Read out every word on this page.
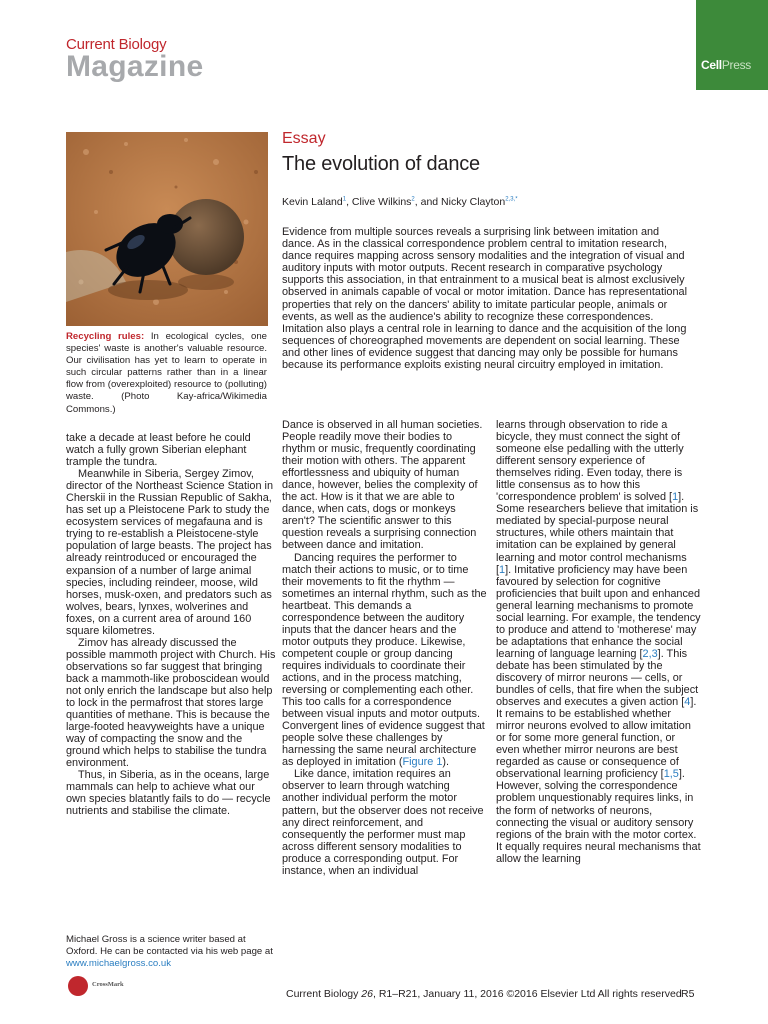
Current Biology
Magazine	CellPress
Recycling rules: In ecological cycles, one species' waste is another's valuable resource. Our civilisation has yet to learn to operate in such circular patterns rather than in a linear flow from (overexploited) resource to (polluting) waste. (Photo Kay-africa/Wikimedia Commons.)
Essay
The evolution of dance
Kevin Laland$^1$, Clive Wilkins$^2$, and Nicky Clayton$^{2,3,*}$
Evidence from multiple sources reveals a surprising link between imitation and dance. As in the classical correspondence problem central to imitation research, dance requires mapping across sensory modalities and the integration of visual and auditory inputs with motor outputs. Recent research in comparative psychology supports this association, in that entrainment to a musical beat is almost exclusively observed in animals capable of vocal or motor imitation. Dance has representational properties that rely on the dancers' ability to imitate particular people, animals or events, as well as the audience's ability to recognize these correspondences. Imitation also plays a central role in learning to dance and the acquisition of the long sequences of choreographed movements are dependent on social learning. These and other lines of evidence suggest that dancing may only be possible for humans because its performance exploits existing neural circuitry employed in imitation.

take a decade at least before he could watch a fully grown Siberian elephant trample the tundra.

Meanwhile in Siberia, Sergey Zimov, director of the Northeast Science Station in Cherskii in the Russian Republic of Sakha, has set up a Pleistocene Park to study the ecosystem services of megafauna and is trying to re-establish a Pleistocene-style population of large beasts. The project has already reintroduced or encouraged the expansion of a number of large animal species, including reindeer, moose, wild horses, musk-oxen, and predators such as wolves, bears, lynxes, wolverines and foxes, on a current area of around 160 square kilometres.

Zimov has already discussed the possible mammoth project with Church. His observations so far suggest that bringing back a mammoth-like proboscidean would not only enrich the landscape but also help to lock in the permafrost that stores large quantities of methane. This is because the large-footed heavyweights have a unique way of compacting the snow and the ground which helps to stabilise the tundra environment.

Thus, in Siberia, as in the oceans, large mammals can help to achieve what our own species blatantly fails to do — recycle nutrients and stabilise the climate.

Michael Gross is a science writer based at Oxford. He can be contacted via his web page at www.michaelgross.co.uk

Dance is observed in all human societies. People readily move their bodies to rhythm or music, frequently coordinating their motion with others. The apparent effortlessness and ubiquity of human dance, however, belies the complexity of the act. How is it that we are able to dance, when cats, dogs or monkeys aren't? The scientific answer to this question reveals a surprising connection between dance and imitation.

Dancing requires the performer to match their actions to music, or to time their movements to fit the rhythm — sometimes an internal rhythm, such as the heartbeat. This demands a correspondence between the auditory inputs that the dancer hears and the motor outputs they produce. Likewise, competent couple or group dancing requires individuals to coordinate their actions, and in the process matching, reversing or complementing each other. This too calls for a correspondence between visual inputs and motor outputs. Convergent lines of evidence suggest that people solve these challenges by harnessing the same neural architecture as deployed in imitation (Figure 1).

Like dance, imitation requires an observer to learn through watching another individual perform the motor pattern, but the observer does not receive any direct reinforcement, and consequently the performer must map across different sensory modalities to produce a corresponding output. For instance, when an individual

learns through observation to ride a bicycle, they must connect the sight of someone else pedalling with the utterly different sensory experience of themselves riding. Even today, there is little consensus as to how this 'correspondence problem' is solved [1]. Some researchers believe that imitation is mediated by special-purpose neural structures, while others maintain that imitation can be explained by general learning and motor control mechanisms [1]. Imitative proficiency may have been favoured by selection for cognitive proficiencies that built upon and enhanced general learning mechanisms to promote social learning. For example, the tendency to produce and attend to 'motherese' may be adaptations that enhance the social learning of language learning [2,3]. This debate has been stimulated by the discovery of mirror neurons — cells, or bundles of cells, that fire when the subject observes and executes a given action [4]. It remains to be established whether mirror neurons evolved to allow imitation or for some more general function, or even whether mirror neurons are best regarded as cause or consequence of observational learning proficiency [1,5]. However, solving the correspondence problem unquestionably requires links, in the form of networks of neurons, connecting the visual or auditory sensory regions of the brain with the motor cortex. It equally requires neural mechanisms that allow the learning

CrossMark
Current Biology 26, R1–R21, January 11, 2016 ©2016 Elsevier Ltd All rights reserved R5
